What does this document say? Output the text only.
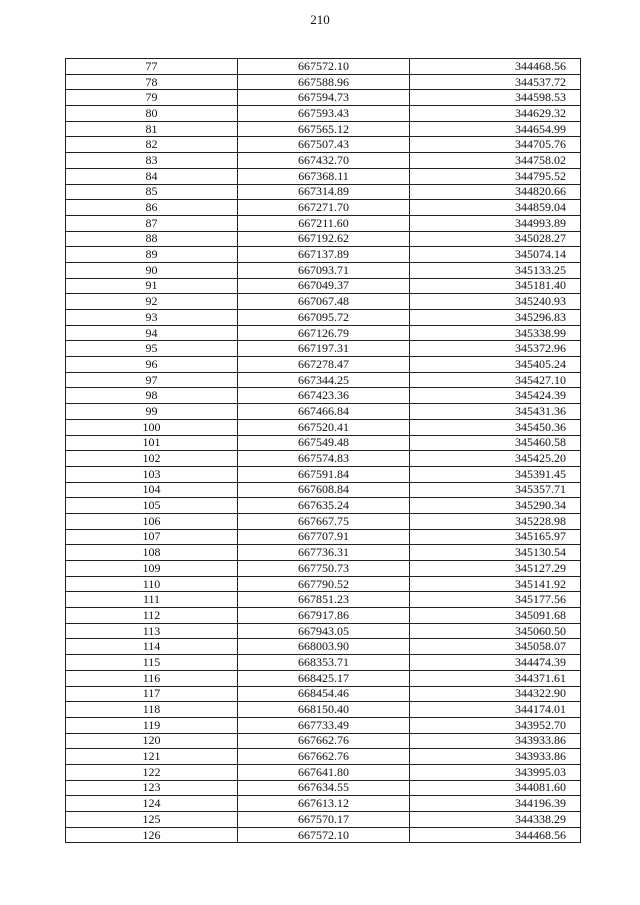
210
77	667572.10	344468.56
78	667588.96	344537.72
79	667594.73	344598.53
80	667593.43	344629.32
81	667565.12	344654.99
82	667507.43	344705.76
83	667432.70	344758.02
84	667368.11	344795.52
85	667314.89	344820.66
86	667271.70	344859.04
87	667211.60	344993.89
88	667192.62	345028.27
89	667137.89	345074.14
90	667093.71	345133.25
91	667049.37	345181.40
92	667067.48	345240.93
93	667095.72	345296.83
94	667126.79	345338.99
95	667197.31	345372.96
96	667278.47	345405.24
97	667344.25	345427.10
98	667423.36	345424.39
99	667466.84	345431.36
100	667520.41	345450.36
101	667549.48	345460.58
102	667574.83	345425.20
103	667591.84	345391.45
104	667608.84	345357.71
105	667635.24	345290.34
106	667667.75	345228.98
107	667707.91	345165.97
108	667736.31	345130.54
109	667750.73	345127.29
110	667790.52	345141.92
111	667851.23	345177.56
112	667917.86	345091.68
113	667943.05	345060.50
114	668003.90	345058.07
115	668353.71	344474.39
116	668425.17	344371.61
117	668454.46	344322.90
118	668150.40	344174.01
119	667733.49	343952.70
120	667662.76	343933.86
121	667662.76	343933.86
122	667641.80	343995.03
123	667634.55	344081.60
124	667613.12	344196.39
125	667570.17	344338.29
126	667572.10	344468.56
